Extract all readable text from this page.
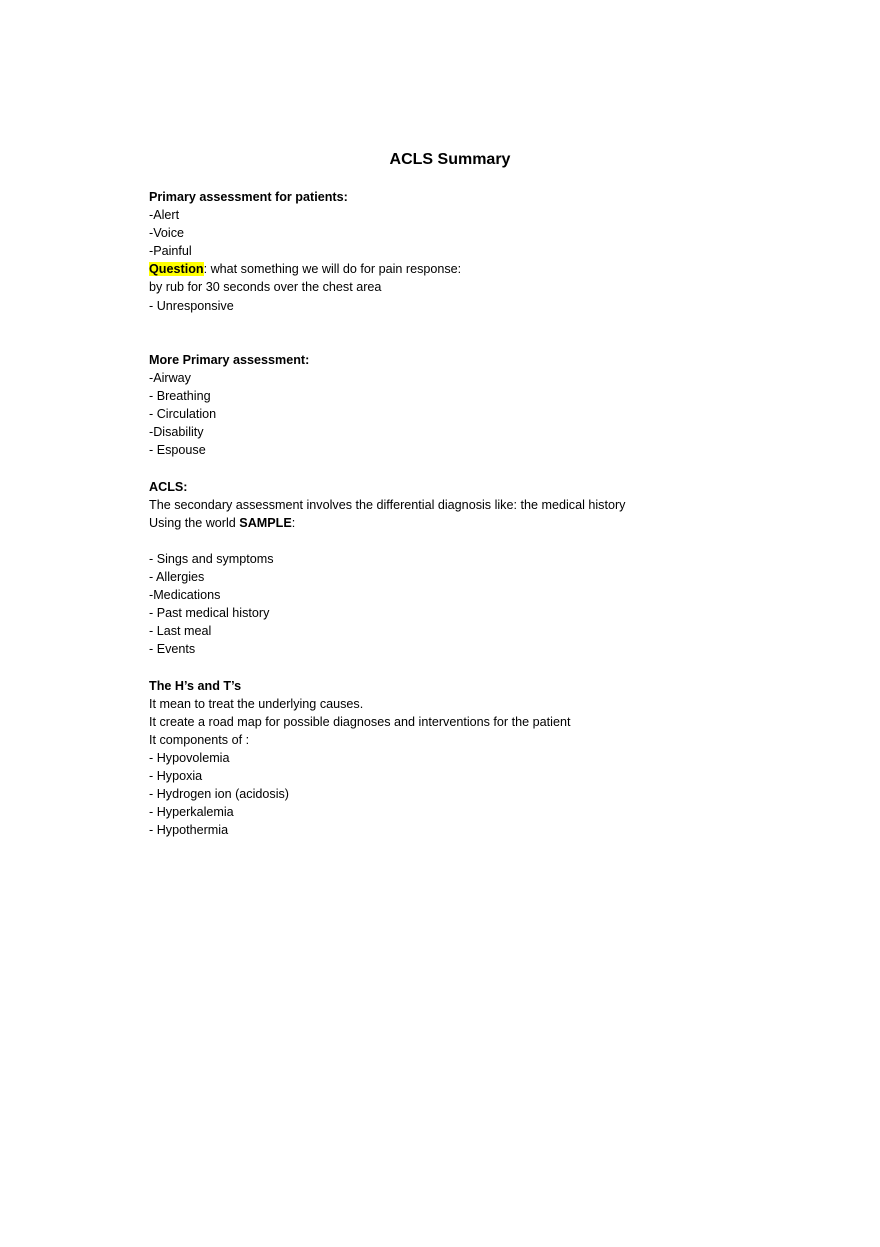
ACLS Summary
Primary assessment for patients:
-Alert
-Voice
-Painful
Question: what something we will do for pain response:
by rub for 30 seconds over the chest area
- Unresponsive
More Primary assessment:
-Airway
- Breathing
- Circulation
-Disability
- Espouse
ACLS:
The secondary assessment involves the differential diagnosis like: the medical history
Using the world SAMPLE:
- Sings and symptoms
- Allergies
-Medications
- Past medical history
- Last meal
- Events
The H’s and T’s
It mean to treat the underlying causes.
It create a road map for possible diagnoses and interventions for the patient
It components of :
- Hypovolemia
- Hypoxia
- Hydrogen ion (acidosis)
- Hyperkalemia
- Hypothermia
